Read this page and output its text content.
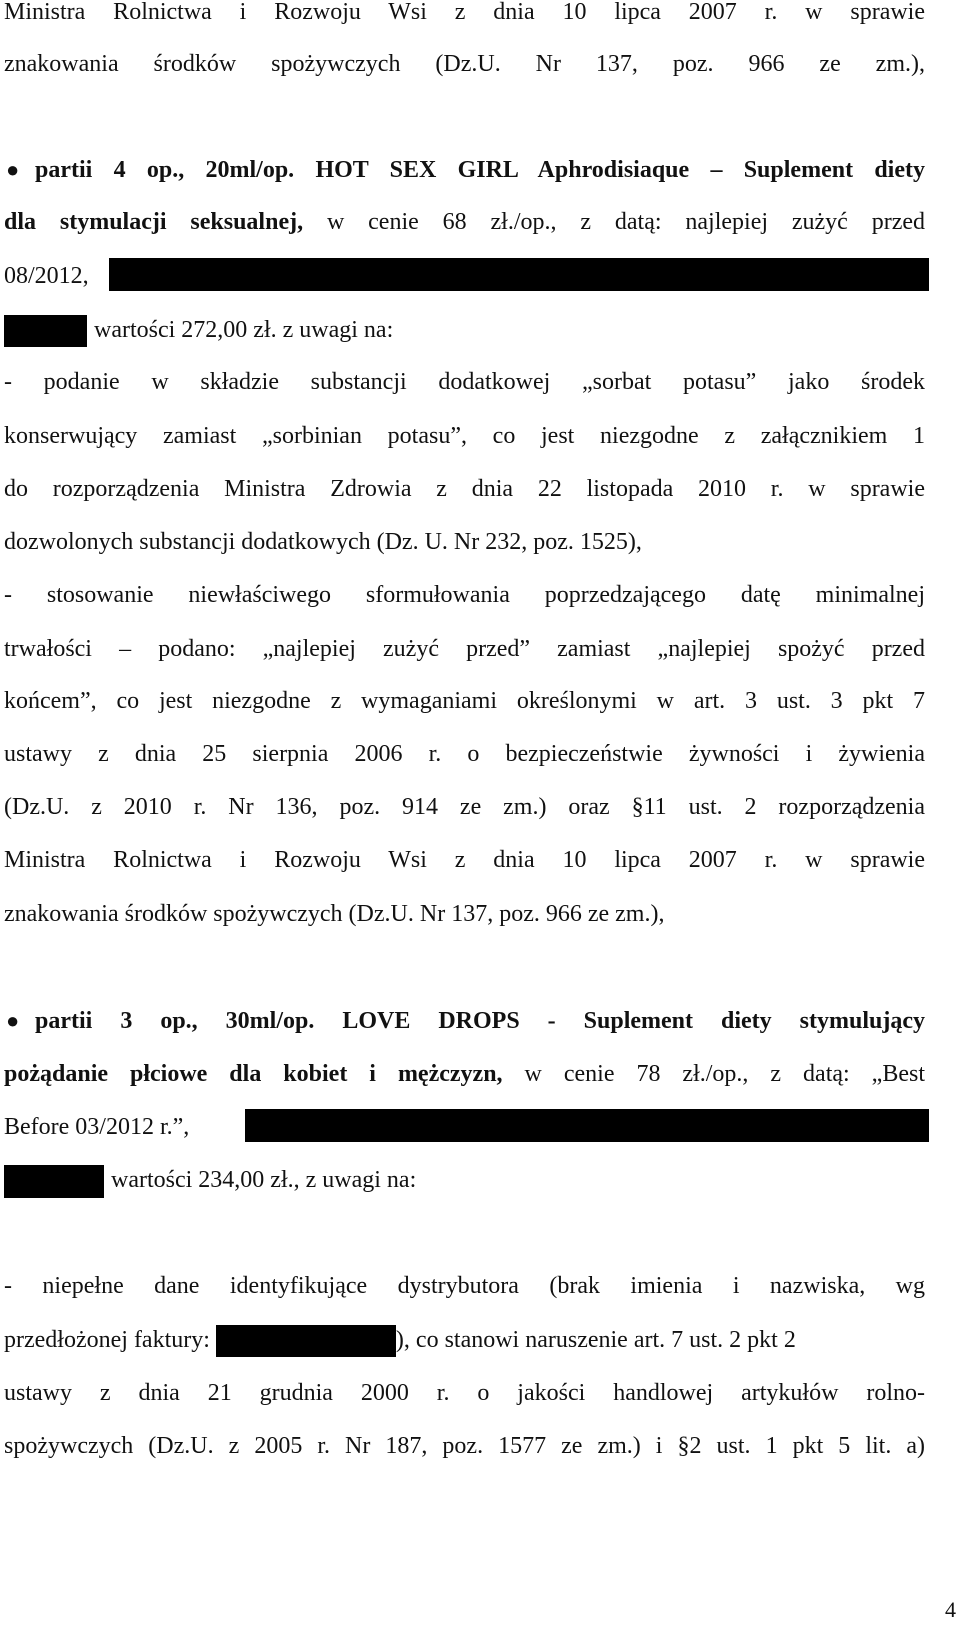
Ministra Rolnictwa i Rozwoju Wsi z dnia 10 lipca 2007 r. w sprawie
znakowania środków spożywczych (Dz.U. Nr 137, poz. 966 ze zm.),
● partii 4 op., 20ml/op. HOT SEX GIRL Aphrodisiaque – Suplement diety
dla stymulacji seksualnej, w cenie 68 zł./op., z datą: najlepiej zużyć przed
08/2012,
wartości 272,00 zł. z uwagi na:
- podanie w składzie substancji dodatkowej „sorbat potasu” jako środek
konserwujący zamiast „sorbinian potasu”, co jest niezgodne z załącznikiem 1
do rozporządzenia Ministra Zdrowia z dnia 22 listopada 2010 r. w sprawie
dozwolonych substancji dodatkowych (Dz. U. Nr 232, poz. 1525),
- stosowanie niewłaściwego sformułowania poprzedzającego datę minimalnej
trwałości – podano: „najlepiej zużyć przed” zamiast „najlepiej spożyć przed
końcem”, co jest niezgodne z wymaganiami określonymi w art. 3 ust. 3 pkt 7
ustawy z dnia 25 sierpnia 2006 r. o bezpieczeństwie żywności i żywienia
(Dz.U. z 2010 r. Nr 136, poz. 914 ze zm.) oraz §11 ust. 2 rozporządzenia
Ministra Rolnictwa i Rozwoju Wsi z dnia 10 lipca 2007 r. w sprawie
znakowania środków spożywczych (Dz.U. Nr 137, poz. 966 ze zm.),
● partii 3 op., 30ml/op. LOVE DROPS - Suplement diety stymulujący
pożądanie płciowe dla kobiet i mężczyzn, w cenie 78 zł./op., z datą: „Best
Before 03/2012 r.”,
wartości 234,00 zł., z uwagi na:
- niepełne dane identyfikujące dystrybutora (brak imienia i nazwiska, wg
przedłożonej faktury:	), co stanowi naruszenie art. 7 ust. 2 pkt 2
ustawy z dnia 21 grudnia 2000 r. o jakości handlowej artykułów rolno-
spożywczych (Dz.U. z 2005 r. Nr 187, poz. 1577 ze zm.) i §2 ust. 1 pkt 5 lit. a)
4
